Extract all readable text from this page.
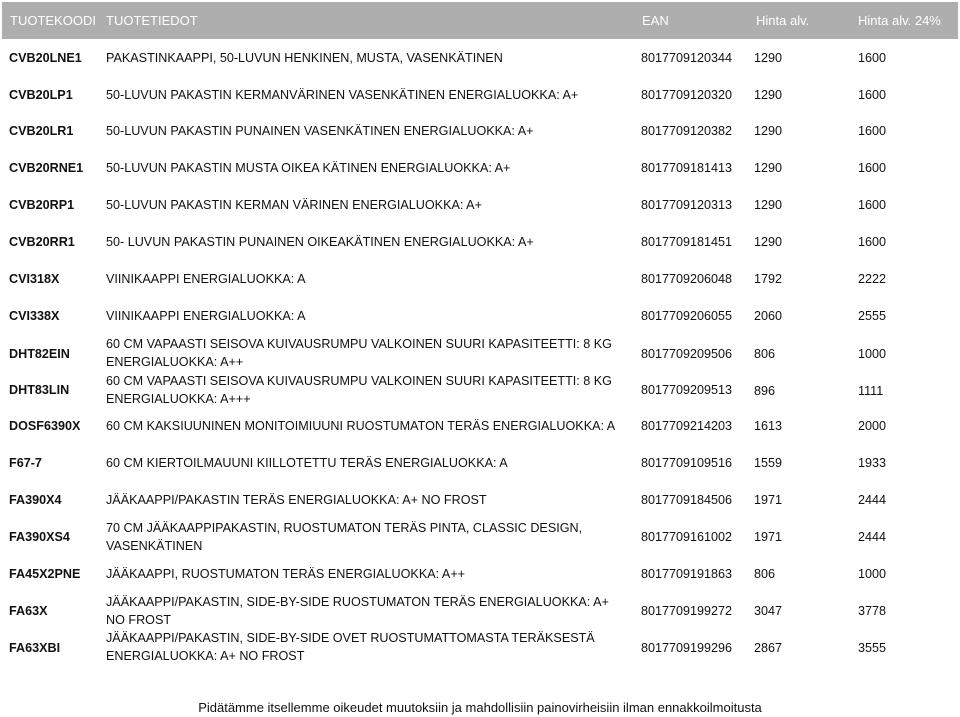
TUOTEKOODI TUOTETIEDOT	EAN	Hinta alv.	Hinta alv. 24%
CVB20LNE1 PAKASTINKAAPPI, 50-LUVUN HENKINEN, MUSTA, VASENKÄTINEN	8017709120344 1290	1600
CVB20LP1	50-LUVUN PAKASTIN KERMANVÄRINEN VASENKÄTINEN ENERGIALUOKKA: A+	8017709120320 1290	1600
CVB20LR1	50-LUVUN PAKASTIN PUNAINEN VASENKÄTINEN ENERGIALUOKKA: A+	8017709120382 1290	1600
CVB20RNE1 50-LUVUN PAKASTIN MUSTA OIKEA KÄTINEN ENERGIALUOKKA: A+	8017709181413 1290	1600
CVB20RP1	50-LUVUN PAKASTIN KERMAN VÄRINEN ENERGIALUOKKA: A+	8017709120313 1290	1600
CVB20RR1 50- LUVUN PAKASTIN PUNAINEN OIKEAKÄTINEN ENERGIALUOKKA: A+	8017709181451 1290	1600
CVI318X	VIINIKAAPPI ENERGIALUOKKA: A	8017709206048 1792	2222
CVI338X	VIINIKAAPPI ENERGIALUOKKA: A	8017709206055 2060	2555
DHT82EIN
60 CM VAPAASTI SEISOVA KUIVAUSRUMPU VALKOINEN SUURI KAPASITEETTI: 8 KG ENERGIALUOKKA: A++
8017709209506 806	1000
DHT83LIN
60 CM VAPAASTI SEISOVA KUIVAUSRUMPU VALKOINEN SUURI KAPASITEETTI: 8 KG ENERGIALUOKKA: A+++
8017709209513 896	1111
DOSF6390X 60 CM KAKSIUUNINEN MONITOIMIUUNI RUOSTUMATON TERÄS ENERGIALUOKKA: A	8017709214203 1613	2000
F67-7	60 CM KIERTOILMAUUNI KIILLOTETTU TERÄS ENERGIALUOKKA: A	8017709109516 1559	1933
FA390X4	JÄÄKAAPPI/PAKASTIN TERÄS ENERGIALUOKKA: A+ NO FROST	8017709184506 1971	2444
FA390XS4
70 CM JÄÄKAAPPIPAKASTIN, RUOSTUMATON TERÄS PINTA, CLASSIC DESIGN, VASENKÄTINEN
8017709161002 1971	2444
FA45X2PNE JÄÄKAAPPI, RUOSTUMATON TERÄS ENERGIALUOKKA: A++	8017709191863 806	1000
FA63X
JÄÄKAAPPI/PAKASTIN, SIDE-BY-SIDE RUOSTUMATON TERÄS ENERGIALUOKKA: A+ NO FROST
8017709199272 3047	3778
FA63XBI
JÄÄKAAPPI/PAKASTIN, SIDE-BY-SIDE OVET RUOSTUMATTOMASTA TERÄKSESTÄ ENERGIALUOKKA: A+ NO FROST
8017709199296 2867	3555
Pidätämme itsellemme oikeudet muutoksiin ja mahdollisiin painovirheisiin ilman ennakkoilmoitusta
